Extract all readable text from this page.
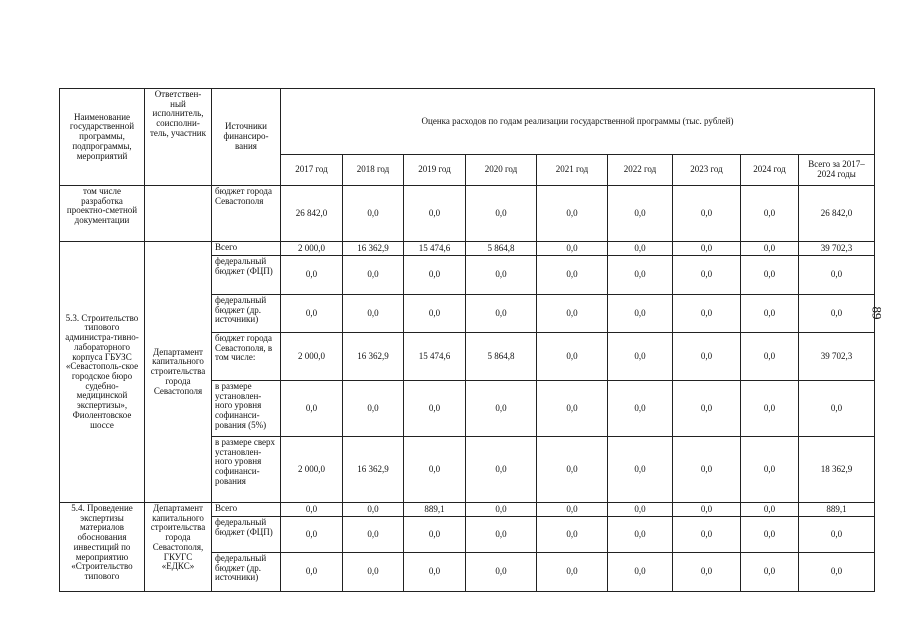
89
Наименование государственной программы, подпрограммы, мероприятий	Ответствен-ный исполнитель, соисполни-тель, участник	Источники финансиро-вания	Оценка расходов по годам реализации государственной программы (тыс. рублей)								
			2017 год	2018 год	2019 год	2020 год	2021 год	2022 год	2023 год	2024 год	Всего за 2017–2024 годы
том числе разработка проектно-сметной документации		бюджет города Севастополя	26 842,0	0,0	0,0	0,0	0,0	0,0	0,0	0,0	26 842,0
5.3. Строительство типового администра-тивно-лабораторного корпуса ГБУЗС «Севастополь-ское городское бюро судебно-медицинской экспертизы», Фиолентовское шоссе	Департамент капитального строительства города Севастополя	Всего	2 000,0	16 362,9	15 474,6	5 864,8	0,0	0,0	0,0	0,0	39 702,3
		федеральный бюджет (ФЦП)	0,0	0,0	0,0	0,0	0,0	0,0	0,0	0,0	0,0
		федеральный бюджет (др. источники)	0,0	0,0	0,0	0,0	0,0	0,0	0,0	0,0	0,0
		бюджет города Севастополя, в том числе:	2 000,0	16 362,9	15 474,6	5 864,8	0,0	0,0	0,0	0,0	39 702,3
		в размере установлен-ного уровня софинанси-рования (5%)	0,0	0,0	0,0	0,0	0,0	0,0	0,0	0,0	0,0
		в размере сверх установлен-ного уровня софинанси-рования	2 000,0	16 362,9	0,0	0,0	0,0	0,0	0,0	0,0	18 362,9
5.4. Проведение экспертизы материалов обоснования инвестиций по мероприятию «Строительство типового	Департамент капитального строительства города Севастополя, ГКУГС «ЕДКС»	Всего	0,0	0,0	889,1	0,0	0,0	0,0	0,0	0,0	889,1
		федеральный бюджет (ФЦП)	0,0	0,0	0,0	0,0	0,0	0,0	0,0	0,0	0,0
		федеральный бюджет (др. источники)	0,0	0,0	0,0	0,0	0,0	0,0	0,0	0,0	0,0
